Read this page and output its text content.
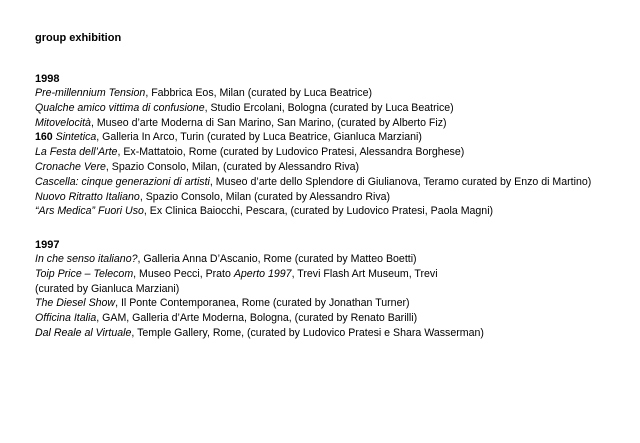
group exhibition
1998
Pre-millennium Tension, Fabbrica Eos, Milan (curated by Luca Beatrice)
Qualche amico vittima di confusione, Studio Ercolani, Bologna (curated by Luca Beatrice)
Mitovelocità, Museo d’arte Moderna di San Marino, San Marino, (curated by Alberto Fiz)
160 Sintetica, Galleria In Arco, Turin (curated by Luca Beatrice, Gianluca Marziani)
La Festa dell’Arte, Ex-Mattatoio, Rome (curated by Ludovico Pratesi, Alessandra Borghese)
Cronache Vere, Spazio Consolo, Milan, (curated by Alessandro Riva)
Cascella: cinque generazioni di artisti, Museo d’arte dello Splendore di Giulianova, Teramo curated by Enzo di Martino)
Nuovo Ritratto Italiano, Spazio Consolo, Milan (curated by Alessandro Riva)
“Ars Medica” Fuori Uso, Ex Clinica Baiocchi, Pescara, (curated by Ludovico Pratesi, Paola Magni)
1997
In che senso italiano?, Galleria Anna D’Ascanio, Rome (curated by Matteo Boetti)
Toip Price – Telecom, Museo Pecci, Prato Aperto 1997, Trevi Flash Art Museum, Trevi
(curated by Gianluca Marziani)
The Diesel Show, Il Ponte Contemporanea, Rome (curated by Jonathan Turner)
Officina Italia, GAM, Galleria d’Arte Moderna, Bologna, (curated by Renato Barilli)
Dal Reale al Virtuale, Temple Gallery, Rome, (curated by Ludovico Pratesi e Shara Wasserman)
